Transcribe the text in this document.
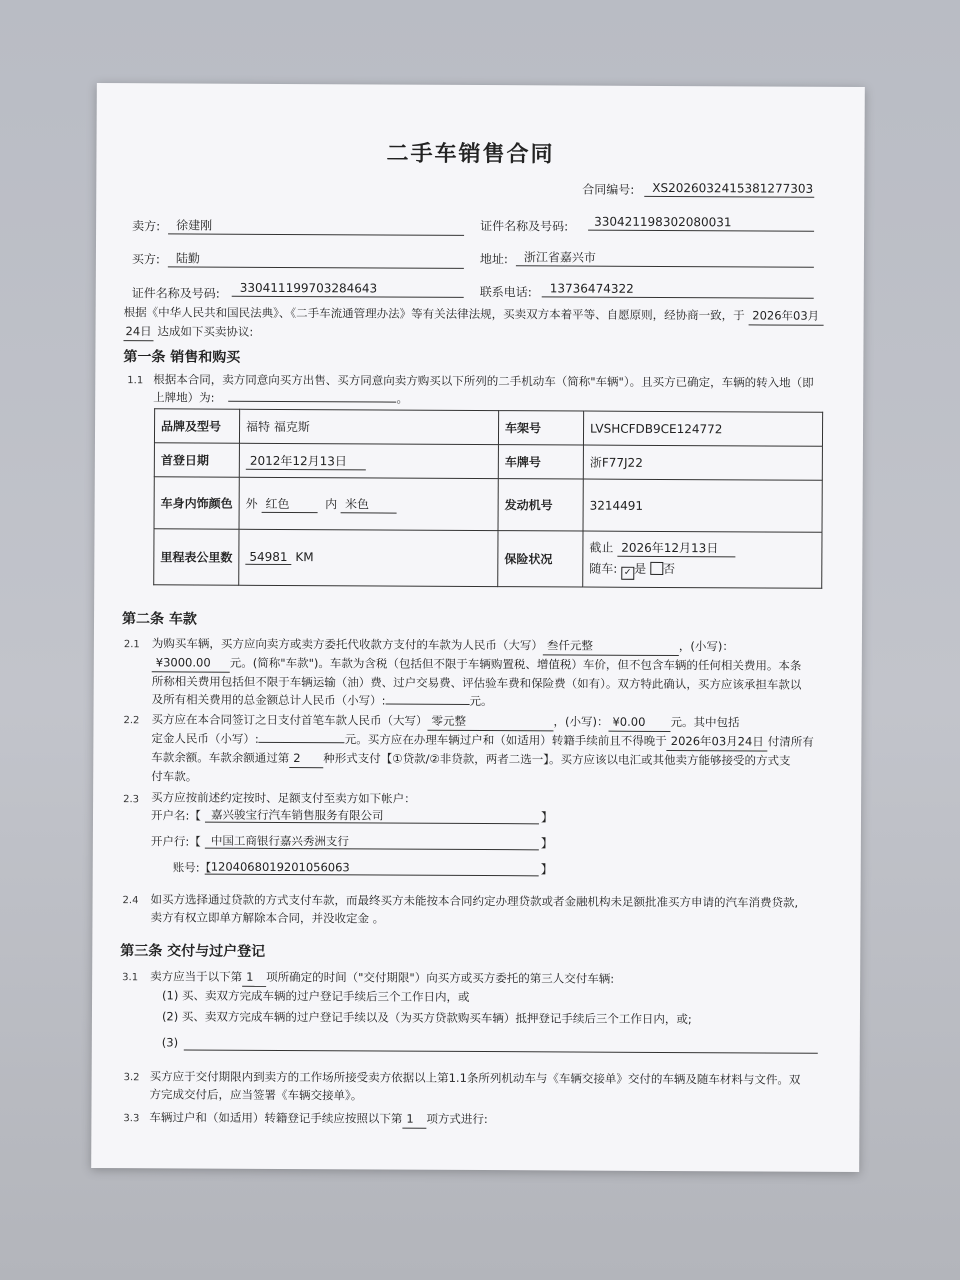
二手车销售合同
合同编号: XS2026032415381277303
卖方: 徐建刚	证件名称及号码: 330421198302080031
买方: 陆勤	地址: 浙江省嘉兴市
证件名称及号码: 330411199703284643	联系电话: 13736474322
根据《中华人民共和国民法典》、《二手车流通管理办法》等有关法律法规，买卖双方本着平等、自愿原则，经协商一致，于 2026年03月
24日 达成如下买卖协议:
第一条 销售和购买
1.1 根据本合同，卖方同意向买方出售、买方同意向卖方购买以下所列的二手机动车（简称"车辆"）。且买方已确定，车辆的转入地（即
上牌地）为:	。
品牌及型号	福特 福克斯	车架号	LVSHCFDB9CE124772
首登日期	2012年12月13日	车牌号	浙F77J22
车身内饰颜色	外 红色 内 米色	发动机号	3214491
里程表公里数	54981 KM	保险状况	截止 2026年12月13日
随车: ✓ 是 否
第二条 车款
2.1 为购买车辆，买方应向卖方或卖方委托代收款方支付的车款为人民币（大写） 叁仟元整	，(小写)：
¥3000.00 元。(简称"车款")。车款为含税（包括但不限于车辆购置税、增值税）车价，但不包含车辆的任何相关费用。本条
所称相关费用包括但不限于车辆运输（油）费、过户交易费、评估验车费和保险费（如有）。双方特此确认，买方应该承担车款以
及所有相关费用的总金额总计人民币（小写）:	元。
2.2 买方应在本合同签订之日支付首笔车款人民币（大写） 零元整	，(小写)： ¥0.00 元。其中包括
定金人民币（小写）:	元。买方应在办理车辆过户和（如适用）转籍手续前且不得晚于 2026年03月24日 付清所有
车款余额。车款余额通过第 2 种形式支付【①贷款/②非贷款，两者二选一】。买方应该以电汇或其他卖方能够接受的方式支
付车款。
2.3 买方应按前述约定按时、足额支付至卖方如下帐户：
开户名:【 嘉兴骏宝行汽车销售服务有限公司	】
开户行:【 中国工商银行嘉兴秀洲支行	】
账号:【 1204068019201056063	】
2.4 如买方选择通过贷款的方式支付车款，而最终买方未能按本合同约定办理贷款或者金融机构未足额批准买方申请的汽车消费贷款,
卖方有权立即单方解除本合同，并没收定金 。
第三条 交付与过户登记
3.1 卖方应当于以下第 1 项所确定的时间（"交付期限"）向买方或买方委托的第三人交付车辆:
(1) 买、卖双方完成车辆的过户登记手续后三个工作日内，或
(2) 买、卖双方完成车辆的过户登记手续以及（为买方贷款购买车辆）抵押登记手续后三个工作日内，或;
(3)
3.2 买方应于交付期限内到卖方的工作场所接受卖方依据以上第1.1条所列机动车与《车辆交接单》交付的车辆及随车材料与文件。双
方完成交付后，应当签署《车辆交接单》。
3.3 车辆过户和（如适用）转籍登记手续应按照以下第 1 项方式进行:
